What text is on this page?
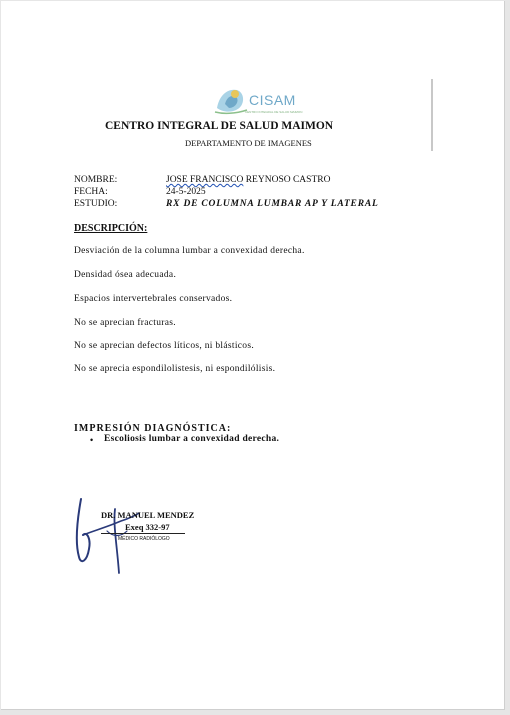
CISAM
CENTRO INTEGRAL DE SALUD MAIMON
CENTRO INTEGRAL DE SALUD MAIMON
DEPARTAMENTO DE IMAGENES
NOMBRE:	JOSE FRANCISCO REYNOSO CASTRO
FECHA:	24-5-2025
ESTUDIO:	RX DE COLUMNA LUMBAR AP Y LATERAL
DESCRIPCIÓN:
Desviación de la columna lumbar a convexidad derecha.
Densidad ósea adecuada.
Espacios intervertebrales conservados.
No se aprecian fracturas.
No se aprecian defectos líticos, ni blásticos.
No se aprecia espondilolistesis, ni espondilólisis.
IMPRESIÓN DIAGNÓSTICA:
• Escoliosis lumbar a convexidad derecha.
DR. MANUEL MENDEZ
Exeq 332-97
MÉDICO RADIÓLOGO
